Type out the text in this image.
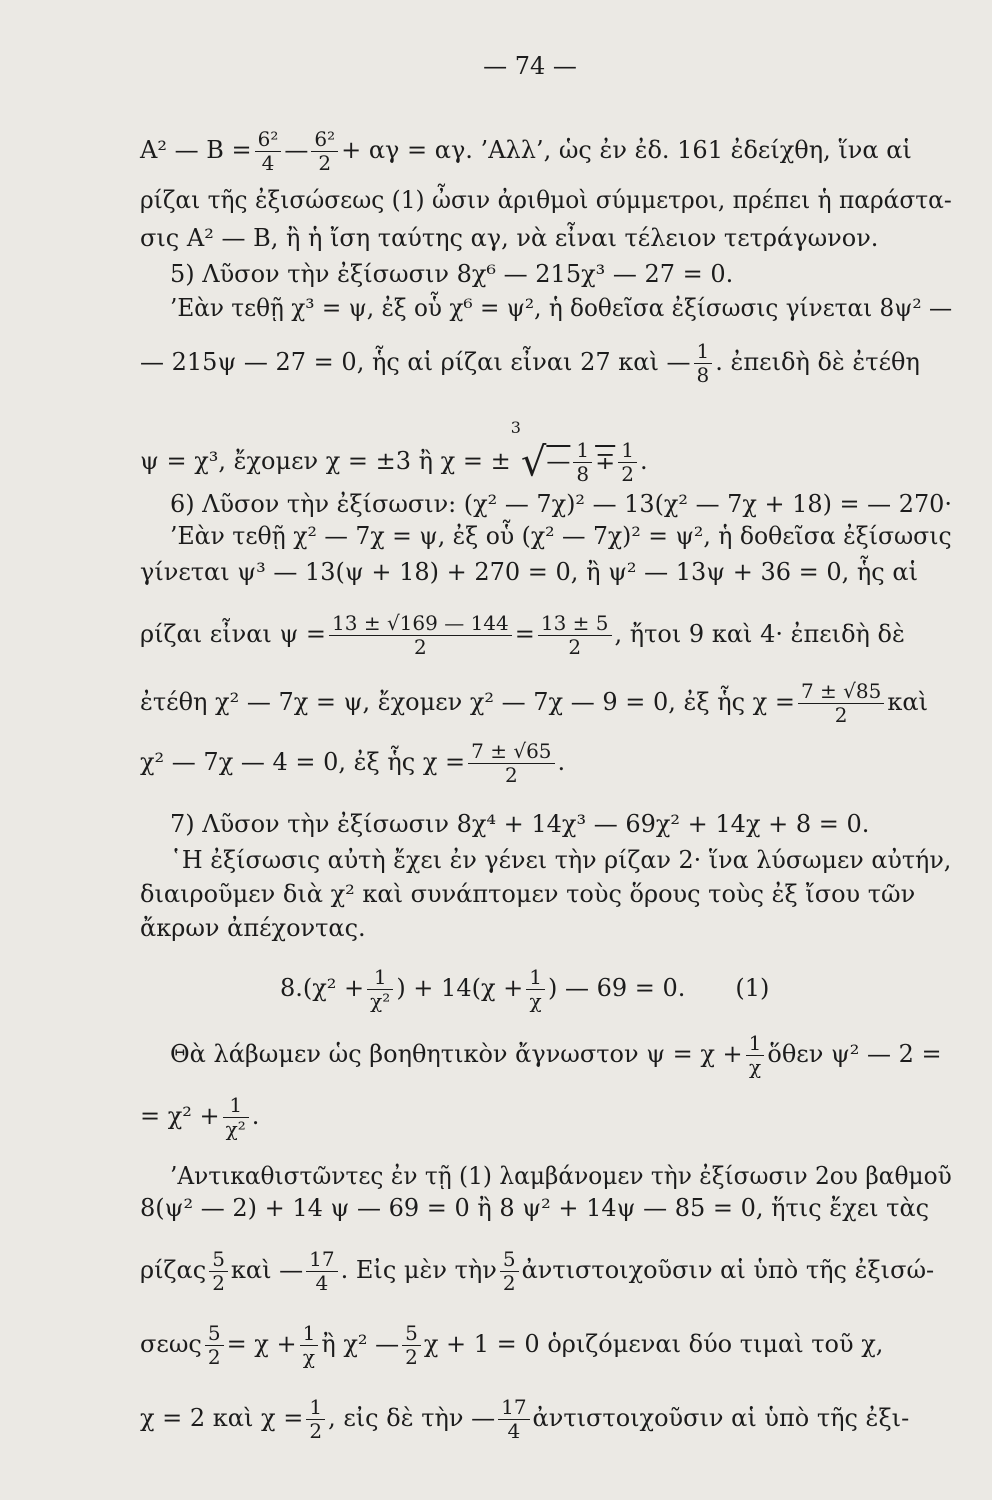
— 74 —
A² — $B = \frac{\text{6²}}{4}$ — $\frac{\text{6²}}{2} + \alpha\gamma = \alpha\gamma$. ’Αλλ’, ὡς ἐν ἐδ. 161 ἐδείχθη, ἵνα αἱ
ρίζαι τῆς ἐξισώσεως (1) ὦσιν ἀριθμοὶ σύμμετροι, πρέπει ἡ παράστα-
σις A² — B, ἢ ἡ ἴση ταύτης αγ, νὰ εἶναι τέλειον τετράγωνον.
5) Λῦσον τὴν ἐξίσωσιν 8χ⁶ — 215χ³ — 27 = 0.
’Εὰν τεθῇ χ³ = ψ, ἐξ οὗ χ⁶ = ψ², ἡ δοθεῖσα ἐξίσωσις γίνεται 8ψ² —
— 215ψ — 27 = 0, ἧς αἱ ρίζαι εἶναι 27 καὶ — $\frac{1}{8}$ . ἐπειδὴ δὲ ἐτέθη
ψ = χ³, ἔχομεν χ = ±3 ἢ χ = ±$^3$√— $\frac{1}{8} \mp \frac{1}{2}$ .
6) Λῦσον τὴν ἐξίσωσιν: (χ² — 7χ)² — 13(χ² — 7χ + 18) = — 270·
’Εὰν τεθῇ χ² — 7χ = ψ, ἐξ οὗ (χ² — 7χ)² = ψ², ἡ δοθεῖσα ἐξίσωσις
γίνεται ψ³ — 13(ψ + 18) + 270 = 0, ἢ ψ² — 13ψ + 36 = 0, ἧς αἱ
ρίζαι εἶναι $\psi = \frac{13 \pm √169 — 144}{2} = \frac{13 \pm 5}{2}$ , ἤτοι 9 καὶ 4· ἐπειδὴ δὲ
ἐτέθη χ² — 7χ = ψ, ἔχομεν χ² — 7χ — 9 = 0, ἐξ ἧς $\chi = \frac{7 \pm √85}{2}$ καὶ
χ² — 7χ — 4 = 0, ἐξ ἧς $\chi = \frac{7 \pm √65}{2}$ .
7) Λῦσον τὴν ἐξίσωσιν 8χ⁴ + 14χ³ — 69χ² + 14χ + 8 = 0.
῾Η ἐξίσωσις αὐτὴ ἔχει ἐν γένει τὴν ρίζαν 2· ἵνα λύσωμεν αὐτήν,
διαιροῦμεν διὰ χ² καὶ συνάπτομεν τοὺς ὅρους τοὺς ἐξ ἴσου τῶν
ἄκρων ἀπέχοντας.
$8.(\chi^2 + \frac{1}{\text{χ²}}$ ) + $14(\chi + \frac{1}{\chi}$ ) — 69 = 0. (1)
Θὰ λάβωμεν ὡς βοηθητικὸν ἄγνωστον $\psi = \chi + \frac{1}{\chi}$ ὅθεν ψ² — 2 =
= $\chi^2 + \frac{1}{\text{χ²}}$ .
’Αντικαθιστῶντες ἐν τῇ (1) λαμβάνομεν τὴν ἐξίσωσιν 2ου βαθμοῦ
8(ψ² — 2) + 14 ψ — 69 = 0 ἢ 8 ψ² + 14ψ — 85 = 0, ἥτις ἔχει τὰς
ρίζας $\frac{5}{2}$ καὶ — $\frac{17}{4}$ . Εἰς μὲν τὴν $\frac{5}{2}$ ἀντιστοιχοῦσιν αἱ ὑπὸ τῆς ἐξισώ-
σεως $\frac{5}{2} = \chi + \frac{1}{\chi}$ ἢ χ² — $\frac{5}{2}$ χ + 1 = 0 ὁριζόμεναι δύο τιμαὶ τοῦ χ,
χ = 2 καὶ $\chi = \frac{1}{2}$ , εἰς δὲ τὴν — $\frac{17}{4}$ ἀντιστοιχοῦσιν αἱ ὑπὸ τῆς ἐξι-
